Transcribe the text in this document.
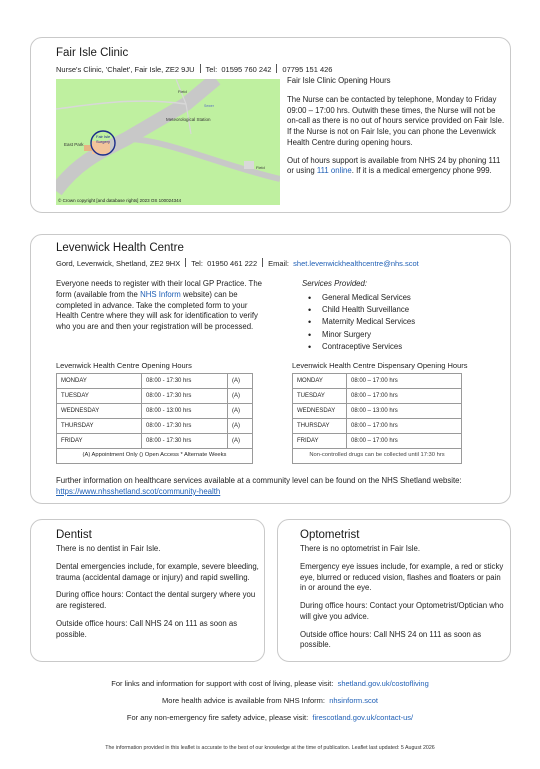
Fair Isle Clinic
Nurse's Clinic, 'Chalet', Fair Isle, ZE2 9JU Tel: 01595 760 242 07795 151 426
Meteorological Station
East Park
Fair Isle Surgery
Field
Field
Sewer
© Crown copyright [and database rights] 2023 OS 100024344

Fair Isle Clinic Opening Hours

The Nurse can be contacted by telephone, Monday to Friday 09:00 – 17:00 hrs. Outwith these times, the Nurse will not be on-call as there is no out of hours service provided on Fair Isle. If the Nurse is not on Fair Isle, you can phone the Levenwick Health Centre during opening hours.

Out of hours support is available from NHS 24 by phoning 111 or using 111 online. If it is a medical emergency phone 999.

Levenwick Health Centre
Gord, Levenwick, Shetland, ZE2 9HX Tel: 01950 461 222 Email: shet.levenwickhealthcentre@nhs.scot
Everyone needs to register with their local GP Practice. The form (available from the NHS Inform website) can be completed in advance. Take the completed form to your Health Centre where they will ask for identification to verify who you are and then your registration will be processed.
Services Provided:
• General Medical Services
• Child Health Surveillance
• Maternity Medical Services
• Minor Surgery
• Contraceptive Services
Levenwick Health Centre Opening Hours
MONDAY	08:00 - 17:30 hrs	(A)
TUESDAY	08:00 - 17:30 hrs	(A)
WEDNESDAY	08:00 - 13:00 hrs	(A)
THURSDAY	08:00 - 17:30 hrs	(A)
FRIDAY	08:00 - 17:30 hrs	(A)
(A) Appointment Only () Open Access * Alternate Weeks		
Levenwick Health Centre Dispensary Opening Hours
MONDAY	08:00 – 17:00 hrs
TUESDAY	08:00 – 17:00 hrs
WEDNESDAY	08:00 – 13:00 hrs
THURSDAY	08:00 – 17:00 hrs
FRIDAY	08:00 – 17:00 hrs
Non-controlled drugs can be collected until 17:30 hrs	
Further information on healthcare services available at a community level can be found on the NHS Shetland website: https://www.nhsshetland.scot/community-health
Dentist

There is no dentist in Fair Isle.

Dental emergencies include, for example, severe bleeding, trauma (accidental damage or injury) and rapid swelling.

During office hours: Contact the dental surgery where you are registered.

Outside office hours: Call NHS 24 on 111 as soon as possible.

Optometrist

There is no optometrist in Fair Isle.

Emergency eye issues include, for example, a red or sticky eye, blurred or reduced vision, flashes and floaters or pain in or around the eye.

During office hours: Contact your Optometrist/Optician who will give you advice.

Outside office hours: Call NHS 24 on 111 as soon as possible.

For links and information for support with cost of living, please visit: shetland.gov.uk/costofliving
More health advice is available from NHS Inform: nhsinform.scot
For any non-emergency fire safety advice, please visit: firescotland.gov.uk/contact-us/
The information provided in this leaflet is accurate to the best of our knowledge at the time of publication. Leaflet last updated: 5 August 2026
